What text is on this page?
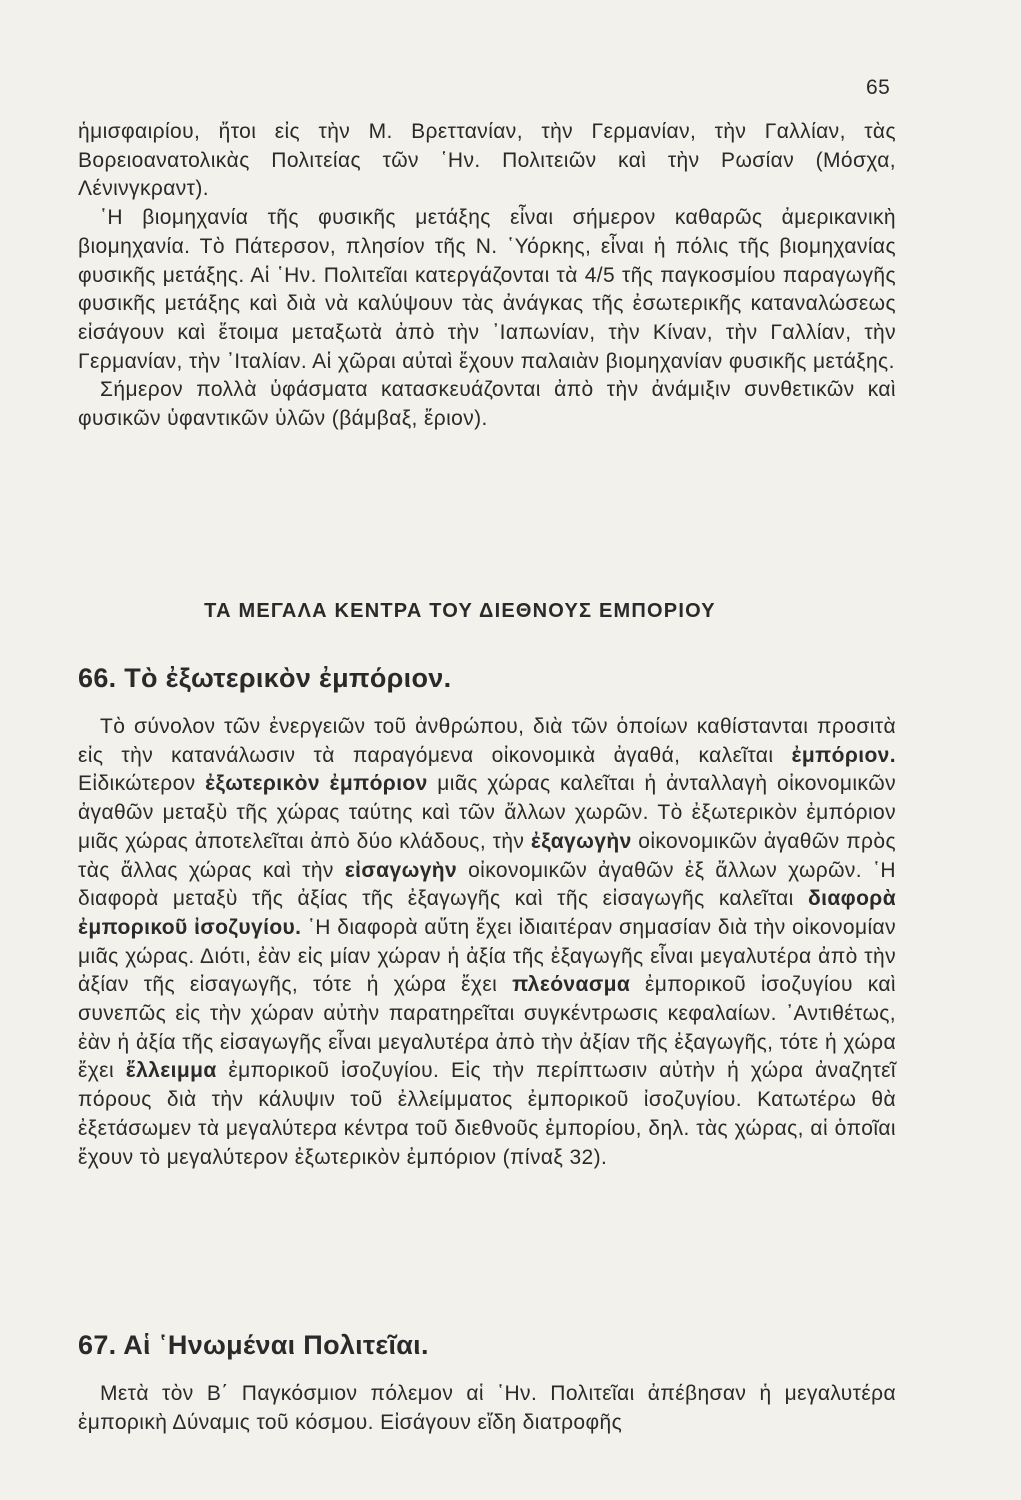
65

ἡμισφαιρίου, ἤτοι εἰς τὴν Μ. Βρεττανίαν, τὴν Γερμανίαν, τὴν Γαλλίαν, τὰς Βορειοανατολικὰς Πολιτείας τῶν ῾Ην. Πολιτειῶν καὶ τὴν Ρωσίαν (Μόσχα, Λένινγκραντ).

῾Η βιομηχανία τῆς φυσικῆς μετάξης εἶναι σήμερον καθαρῶς ἀμερικανικὴ βιομηχανία. Τὸ Πάτερσον, πλησίον τῆς Ν. ῾Υόρκης, εἶναι ἡ πόλις τῆς βιομηχανίας φυσικῆς μετάξης. Αἱ ῾Ην. Πολιτεῖαι κατεργάζονται τὰ 4/5 τῆς παγκοσμίου παραγωγῆς φυσικῆς μετάξης καὶ διὰ νὰ καλύψουν τὰς ἀνάγκας τῆς ἐσωτερικῆς καταναλώσεως εἰσάγουν καὶ ἕτοιμα μεταξωτὰ ἀπὸ τὴν ᾿Ιαπωνίαν, τὴν Κίναν, τὴν Γαλλίαν, τὴν Γερμανίαν, τὴν ᾿Ιταλίαν. Αἱ χῶραι αὐταὶ ἔχουν παλαιὰν βιομηχανίαν φυσικῆς μετάξης.

Σήμερον πολλὰ ὑφάσματα κατασκευάζονται ἀπὸ τὴν ἀνάμιξιν συνθετικῶν καὶ φυσικῶν ὑφαντικῶν ὑλῶν (βάμβαξ, ἔριον).

ΤΑ ΜΕΓΑΛΑ ΚΕΝΤΡΑ ΤΟΥ ΔΙΕΘΝΟΥΣ ΕΜΠΟΡΙΟΥ
66. Τὸ ἐξωτερικὸν ἐμπόριον.

Τὸ σύνολον τῶν ἐνεργειῶν τοῦ ἀνθρώπου, διὰ τῶν ὁποίων καθίστανται προσιτὰ εἰς τὴν κατανάλωσιν τὰ παραγόμενα οἰκονομικὰ ἀγαθά, καλεῖται ἐμπόριον. Εἰδικώτερον ἐξωτερικὸν ἐμπόριον μιᾶς χώρας καλεῖται ἡ ἀνταλλαγὴ οἰκονομικῶν ἀγαθῶν μεταξὺ τῆς χώρας ταύτης καὶ τῶν ἄλλων χωρῶν. Τὸ ἐξωτερικὸν ἐμπόριον μιᾶς χώρας ἀποτελεῖται ἀπὸ δύο κλάδους, τὴν ἐξαγωγὴν οἰκονομικῶν ἀγαθῶν πρὸς τὰς ἄλλας χώρας καὶ τὴν εἰσαγωγὴν οἰκονομικῶν ἀγαθῶν ἐξ ἄλλων χωρῶν. ῾Η διαφορὰ μεταξὺ τῆς ἀξίας τῆς ἐξαγωγῆς καὶ τῆς εἰσαγωγῆς καλεῖται διαφορὰ ἐμπορικοῦ ἰσοζυγίου. ῾Η διαφορὰ αὕτη ἔχει ἰδιαιτέραν σημασίαν διὰ τὴν οἰκονομίαν μιᾶς χώρας. Διότι, ἐὰν εἰς μίαν χώραν ἡ ἀξία τῆς ἐξαγωγῆς εἶναι μεγαλυτέρα ἀπὸ τὴν ἀξίαν τῆς εἰσαγωγῆς, τότε ἡ χώρα ἔχει πλεόνασμα ἐμπορικοῦ ἰσοζυγίου καὶ συνεπῶς εἰς τὴν χώραν αὐτὴν παρατηρεῖται συγκέντρωσις κεφαλαίων. ᾿Αντιθέτως, ἐὰν ἡ ἀξία τῆς εἰσαγωγῆς εἶναι μεγαλυτέρα ἀπὸ τὴν ἀξίαν τῆς ἐξαγωγῆς, τότε ἡ χώρα ἔχει ἔλλειμμα ἐμπορικοῦ ἰσοζυγίου. Εἰς τὴν περίπτωσιν αὐτὴν ἡ χώρα ἀναζητεῖ πόρους διὰ τὴν κάλυψιν τοῦ ἐλλείμματος ἐμπορικοῦ ἰσοζυγίου. Κατωτέρω θὰ ἐξετάσωμεν τὰ μεγαλύτερα κέντρα τοῦ διεθνοῦς ἐμπορίου, δηλ. τὰς χώρας, αἱ ὁποῖαι ἔχουν τὸ μεγαλύτερον ἐξωτερικὸν ἐμπόριον (πίναξ 32).

67. Αἱ ῾Ηνωμέναι Πολιτεῖαι.

Μετὰ τὸν Β΄ Παγκόσμιον πόλεμον αἱ ῾Ην. Πολιτεῖαι ἀπέβησαν ἡ μεγαλυτέρα ἐμπορικὴ Δύναμις τοῦ κόσμου. Εἰσάγουν εἴδη διατροφῆς
